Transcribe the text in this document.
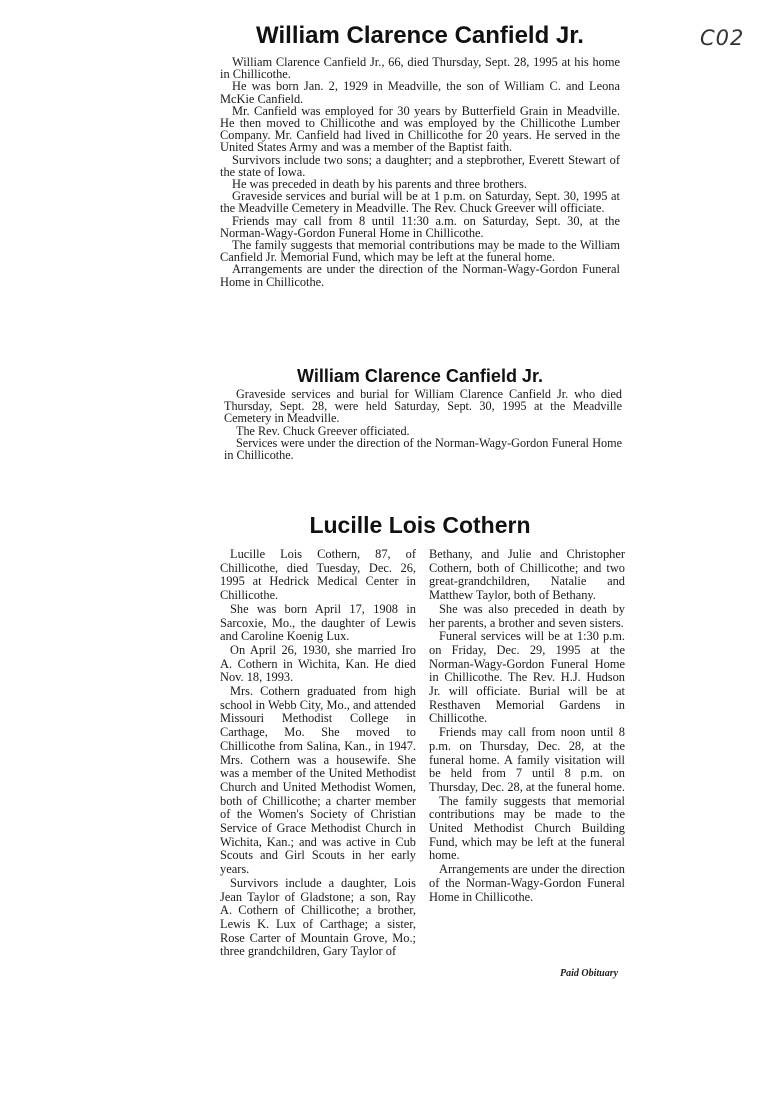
C02
William Clarence Canfield Jr.

William Clarence Canfield Jr., 66, died Thursday, Sept. 28, 1995 at his home in Chillicothe.

He was born Jan. 2, 1929 in Meadville, the son of William C. and Leona McKie Canfield.

Mr. Canfield was employed for 30 years by Butterfield Grain in Meadville. He then moved to Chillicothe and was employed by the Chillicothe Lumber Company. Mr. Canfield had lived in Chillicothe for 20 years. He served in the United States Army and was a member of the Baptist faith.

Survivors include two sons; a daughter; and a stepbrother, Everett Stewart of the state of Iowa.

He was preceded in death by his parents and three brothers.

Graveside services and burial will be at 1 p.m. on Saturday, Sept. 30, 1995 at the Meadville Cemetery in Meadville. The Rev. Chuck Greever will officiate.

Friends may call from 8 until 11:30 a.m. on Saturday, Sept. 30, at the Norman-Wagy-Gordon Funeral Home in Chillicothe.

The family suggests that memorial contributions may be made to the William Canfield Jr. Memorial Fund, which may be left at the funeral home.

Arrangements are under the direction of the Norman-Wagy-Gordon Funeral Home in Chillicothe.

William Clarence Canfield Jr.

Graveside services and burial for William Clarence Canfield Jr. who died Thursday, Sept. 28, were held Saturday, Sept. 30, 1995 at the Meadville Cemetery in Meadville.

The Rev. Chuck Greever officiated.

Services were under the direction of the Norman-Wagy-Gordon Funeral Home in Chillicothe.

Lucille Lois Cothern

Lucille Lois Cothern, 87, of Chillicothe, died Tuesday, Dec. 26, 1995 at Hedrick Medical Center in Chillicothe.

She was born April 17, 1908 in Sarcoxie, Mo., the daughter of Lewis and Caroline Koenig Lux.

On April 26, 1930, she married Iro A. Cothern in Wichita, Kan. He died Nov. 18, 1993.

Mrs. Cothern graduated from high school in Webb City, Mo., and attended Missouri Methodist College in Carthage, Mo. She moved to Chillicothe from Salina, Kan., in 1947. Mrs. Cothern was a housewife. She was a member of the United Methodist Church and United Methodist Women, both of Chillicothe; a charter member of the Women's Society of Christian Service of Grace Methodist Church in Wichita, Kan.; and was active in Cub Scouts and Girl Scouts in her early years.

Survivors include a daughter, Lois Jean Taylor of Gladstone; a son, Ray A. Cothern of Chillicothe; a brother, Lewis K. Lux of Carthage; a sister, Rose Carter of Mountain Grove, Mo.; three grandchildren, Gary Taylor of

Bethany, and Julie and Christopher Cothern, both of Chillicothe; and two great-grandchildren, Natalie and Matthew Taylor, both of Bethany.

She was also preceded in death by her parents, a brother and seven sisters.

Funeral services will be at 1:30 p.m. on Friday, Dec. 29, 1995 at the Norman-Wagy-Gordon Funeral Home in Chillicothe. The Rev. H.J. Hudson Jr. will officiate. Burial will be at Resthaven Memorial Gardens in Chillicothe.

Friends may call from noon until 8 p.m. on Thursday, Dec. 28, at the funeral home. A family visitation will be held from 7 until 8 p.m. on Thursday, Dec. 28, at the funeral home.

The family suggests that memorial contributions may be made to the United Methodist Church Building Fund, which may be left at the funeral home.

Arrangements are under the direction of the Norman-Wagy-Gordon Funeral Home in Chillicothe.

Paid Obituary
